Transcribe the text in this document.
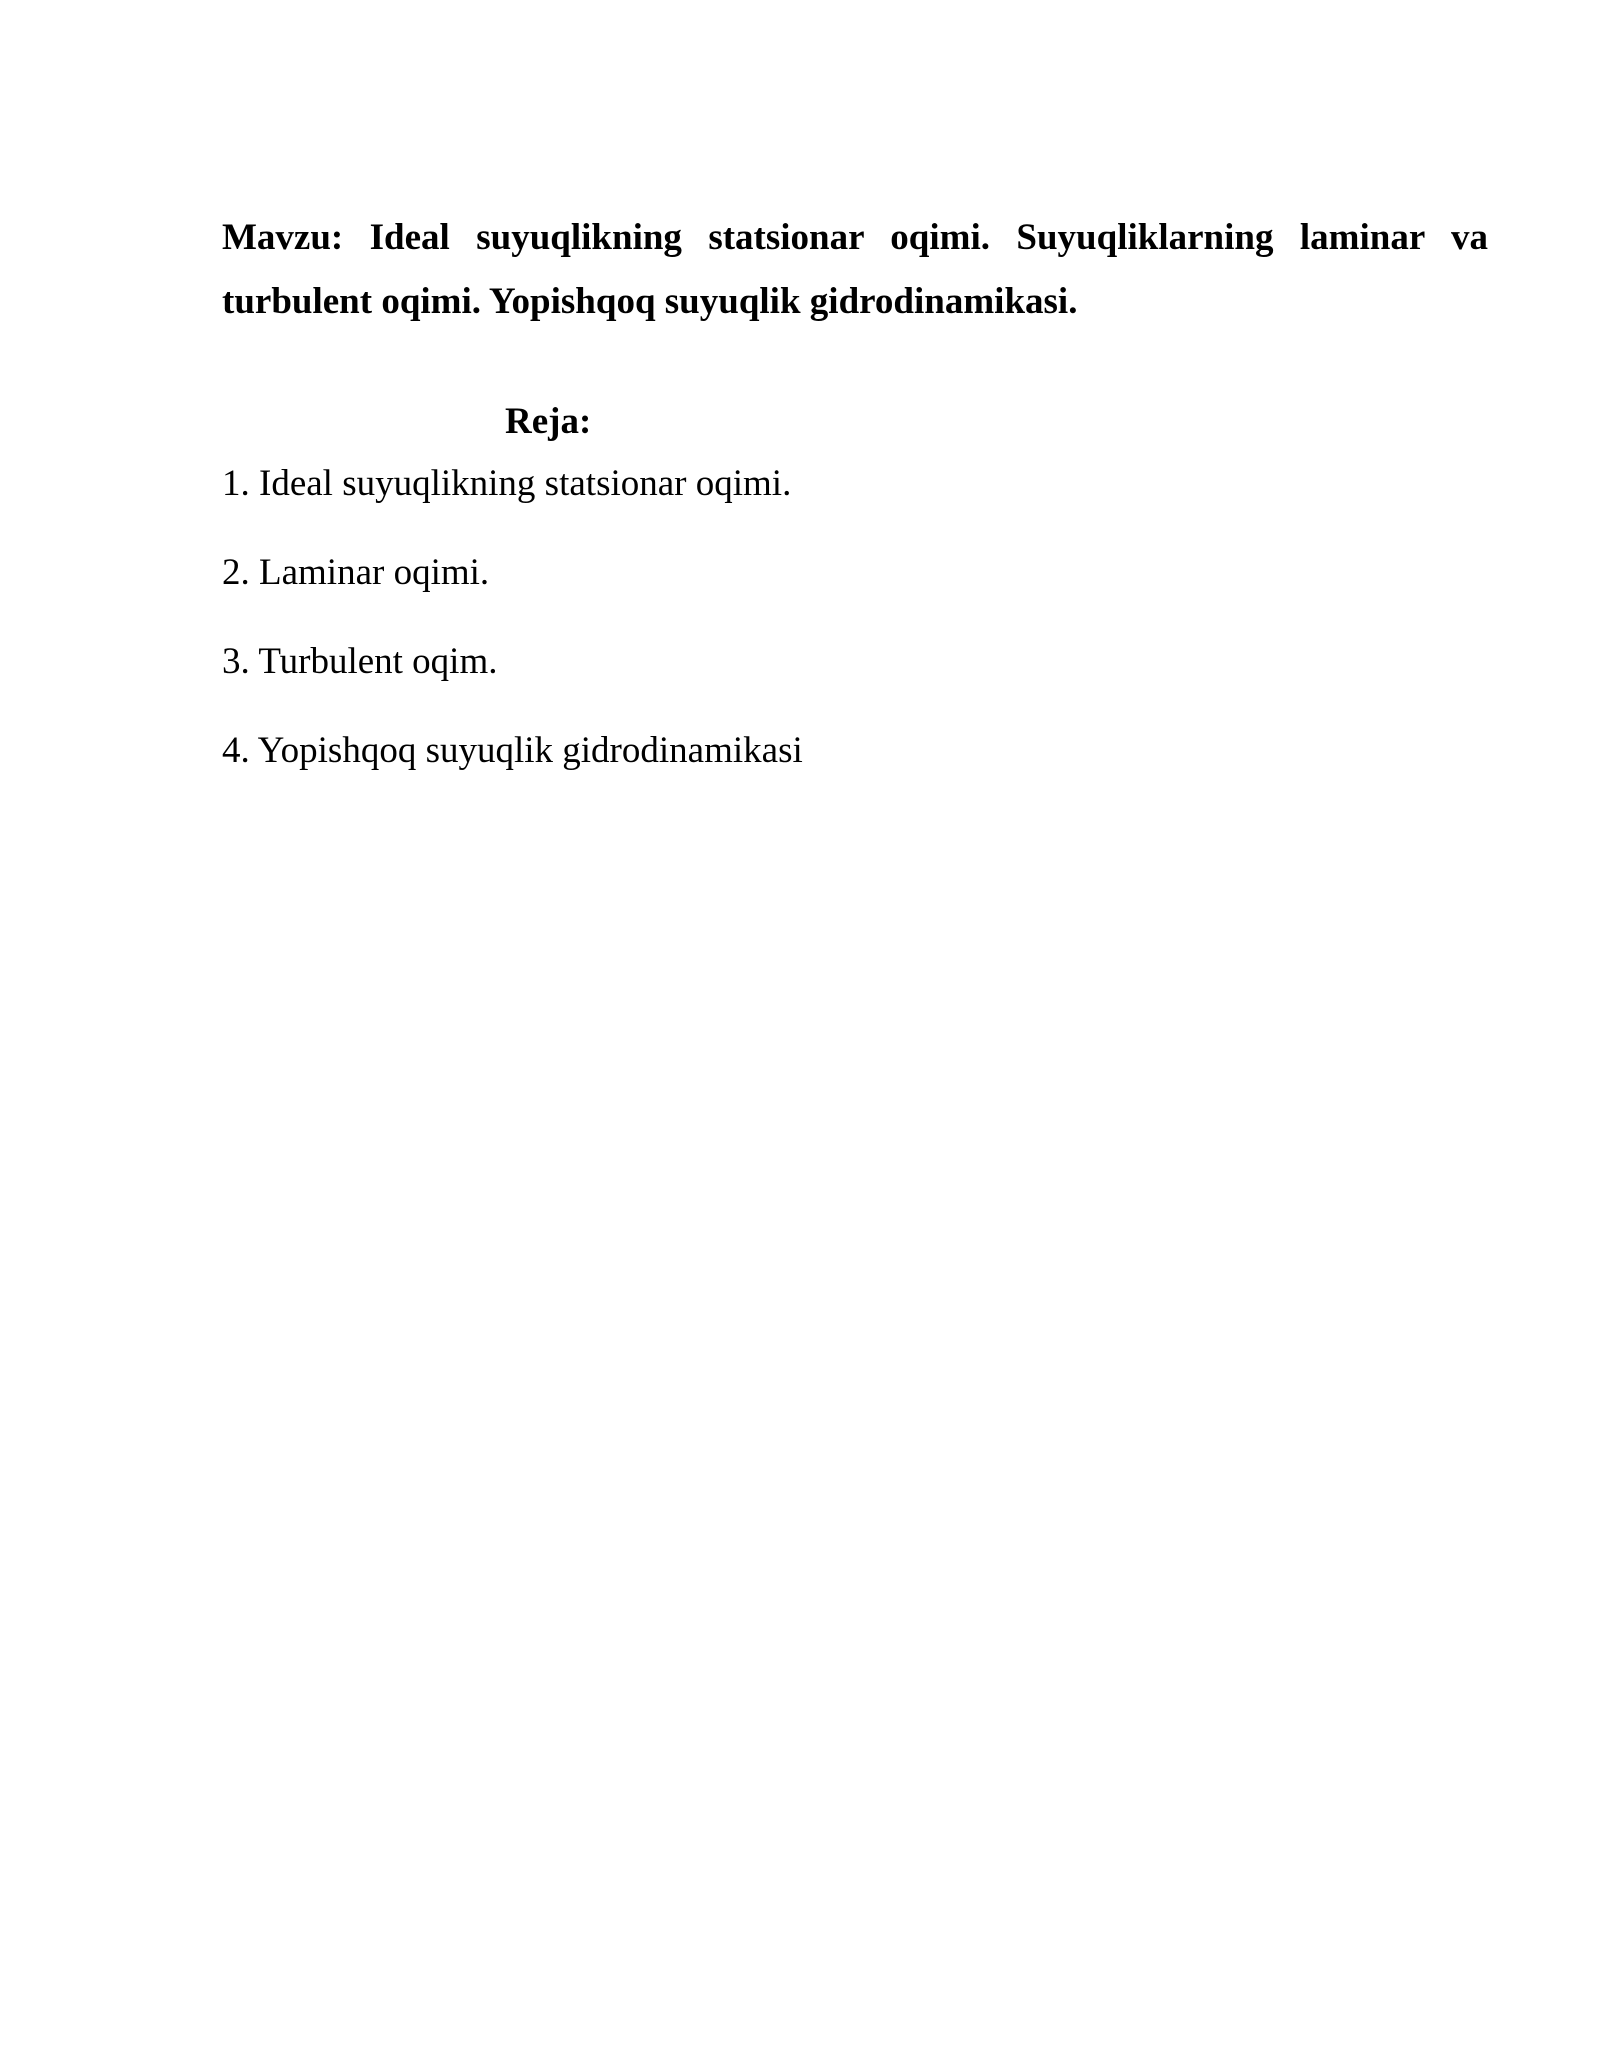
Mavzu: Ideal suyuqlikning statsionar oqimi. Suyuqliklarning laminar va turbulent oqimi. Yopishqoq suyuqlik gidrodinamikasi.

Reja:

1. Ideal suyuqlikning statsionar oqimi.
2. Laminar oqimi.
3. Turbulent oqim.
4. Yopishqoq suyuqlik gidrodinamikasi
